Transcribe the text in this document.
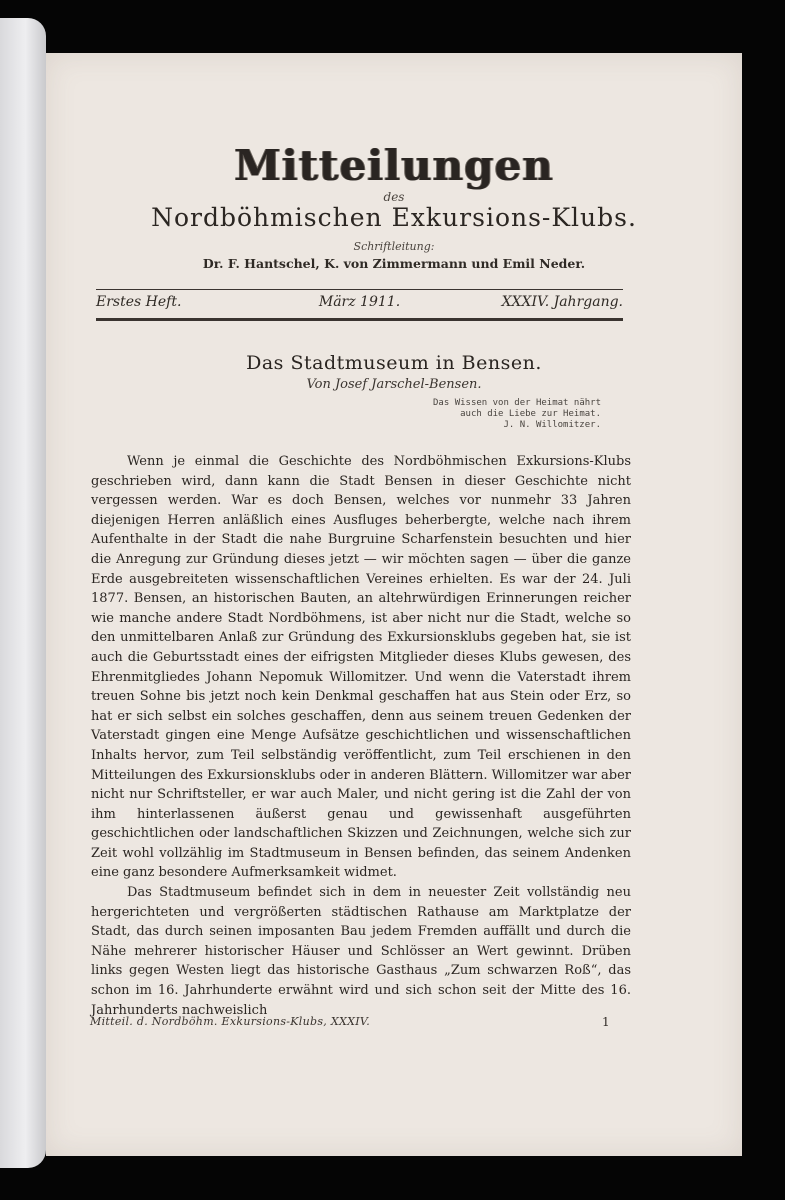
Mitteilungen
des
Nordböhmischen Exkursions-Klubs.
Schriftleitung:
Dr. F. Hantschel, K. von Zimmermann und Emil Neder.
Erstes Heft.	März 1911.	XXXIV. Jahrgang.
Das Stadtmuseum in Bensen.
Von Josef Jarschel-Bensen.
Das Wissen von der Heimat nährt
auch die Liebe zur Heimat.
J. N. Willomitzer.

Wenn je einmal die Geschichte des Nordböhmischen Exkursions-Klubs geschrieben wird, dann kann die Stadt Bensen in dieser Geschichte nicht vergessen werden. War es doch Bensen, welches vor nunmehr 33 Jahren diejenigen Herren anläßlich eines Ausfluges beherbergte, welche nach ihrem Aufenthalte in der Stadt die nahe Burgruine Scharfenstein besuchten und hier die Anregung zur Gründung dieses jetzt — wir möchten sagen — über die ganze Erde ausgebreiteten wissenschaftlichen Vereines erhielten. Es war der 24. Juli 1877. Bensen, an historischen Bauten, an altehrwürdigen Erinnerungen reicher wie manche andere Stadt Nordböhmens, ist aber nicht nur die Stadt, welche so den unmittelbaren Anlaß zur Gründung des Exkursionsklubs gegeben hat, sie ist auch die Geburtsstadt eines der eifrigsten Mitglieder dieses Klubs gewesen, des Ehrenmitgliedes Johann Nepomuk Willomitzer. Und wenn die Vaterstadt ihrem treuen Sohne bis jetzt noch kein Denkmal geschaffen hat aus Stein oder Erz, so hat er sich selbst ein solches geschaffen, denn aus seinem treuen Gedenken der Vaterstadt gingen eine Menge Aufsätze geschichtlichen und wissenschaftlichen Inhalts hervor, zum Teil selbständig veröffentlicht, zum Teil erschienen in den Mitteilungen des Exkursionsklubs oder in anderen Blättern. Willomitzer war aber nicht nur Schriftsteller, er war auch Maler, und nicht gering ist die Zahl der von ihm hinterlassenen äußerst genau und gewissenhaft ausgeführten geschichtlichen oder landschaftlichen Skizzen und Zeichnungen, welche sich zur Zeit wohl vollzählig im Stadtmuseum in Bensen befinden, das seinem Andenken eine ganz besondere Aufmerksamkeit widmet.

Das Stadtmuseum befindet sich in dem in neuester Zeit vollständig neu hergerichteten und vergrößerten städtischen Rathause am Marktplatze der Stadt, das durch seinen imposanten Bau jedem Fremden auffällt und durch die Nähe mehrerer historischer Häuser und Schlösser an Wert gewinnt. Drüben links gegen Westen liegt das historische Gasthaus „Zum schwarzen Roß“, das schon im 16. Jahrhunderte erwähnt wird und sich schon seit der Mitte des 16. Jahrhunderts nachweislich

Mitteil. d. Nordböhm. Exkursions-Klubs, XXXIV.	1
